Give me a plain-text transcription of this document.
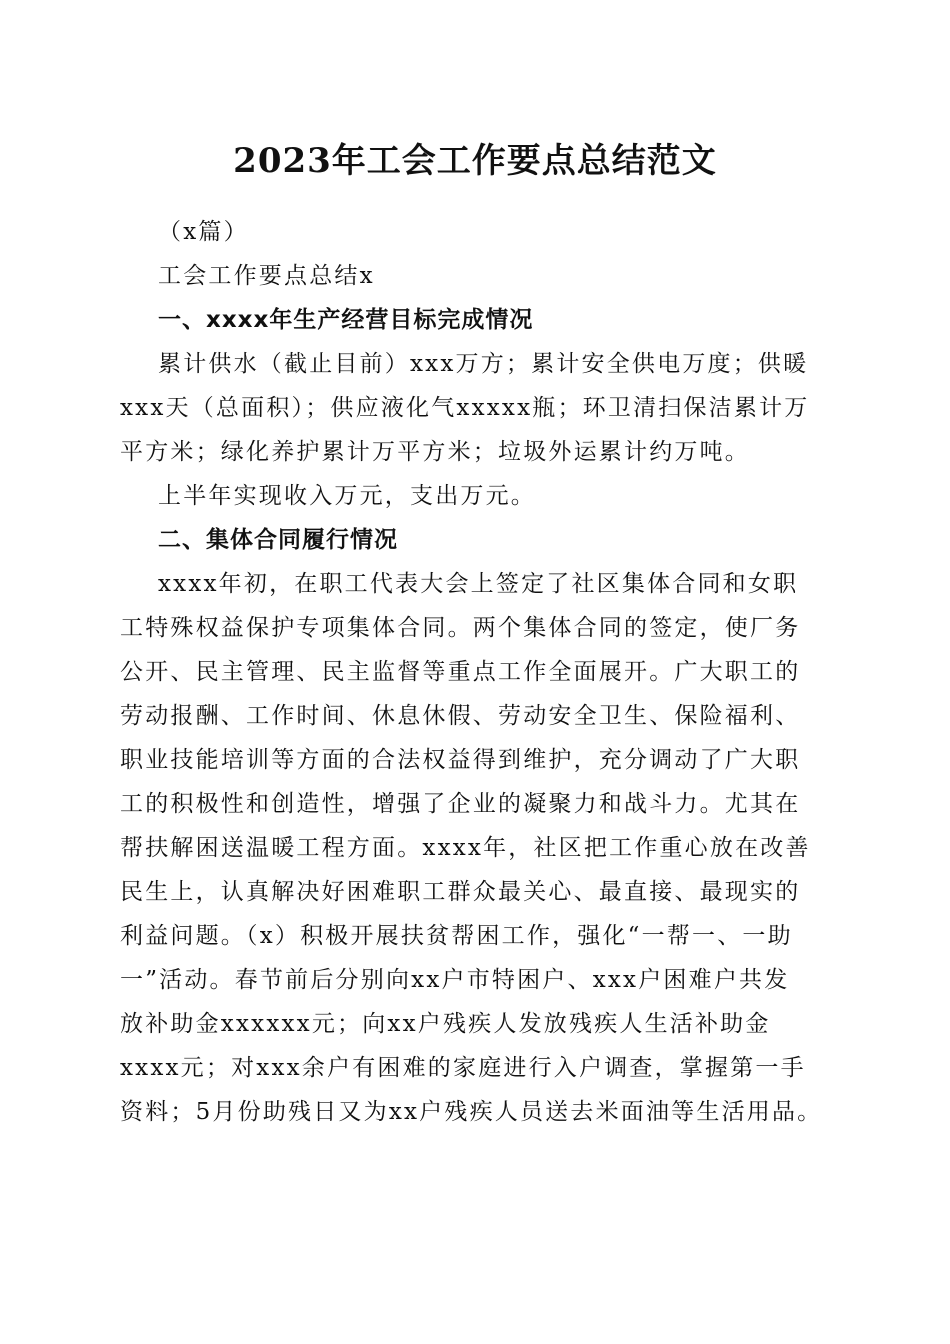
2023年工会工作要点总结范文
（x篇）
工会工作要点总结x
一、xxxx年生产经营目标完成情况
累计供水（截止目前）xxx万方；累计安全供电万度；供暖
xxx天（总面积）；供应液化气xxxxx瓶；环卫清扫保洁累计万
平方米；绿化养护累计万平方米；垃圾外运累计约万吨。
上半年实现收入万元，支出万元。
二、集体合同履行情况
xxxx年初，在职工代表大会上签定了社区集体合同和女职
工特殊权益保护专项集体合同。两个集体合同的签定，使厂务
公开、民主管理、民主监督等重点工作全面展开。广大职工的
劳动报酬、工作时间、休息休假、劳动安全卫生、保险福利、
职业技能培训等方面的合法权益得到维护，充分调动了广大职
工的积极性和创造性，增强了企业的凝聚力和战斗力。尤其在
帮扶解困送温暖工程方面。xxxx年，社区把工作重心放在改善
民生上，认真解决好困难职工群众最关心、最直接、最现实的
利益问题。（x）积极开展扶贫帮困工作，强化“一帮一、一助
一”活动。春节前后分别向xx户市特困户、xxx户困难户共发
放补助金xxxxxx元；向xx户残疾人发放残疾人生活补助金
xxxx元；对xxx余户有困难的家庭进行入户调查，掌握第一手
资料；5月份助残日又为xx户残疾人员送去米面油等生活用品。
